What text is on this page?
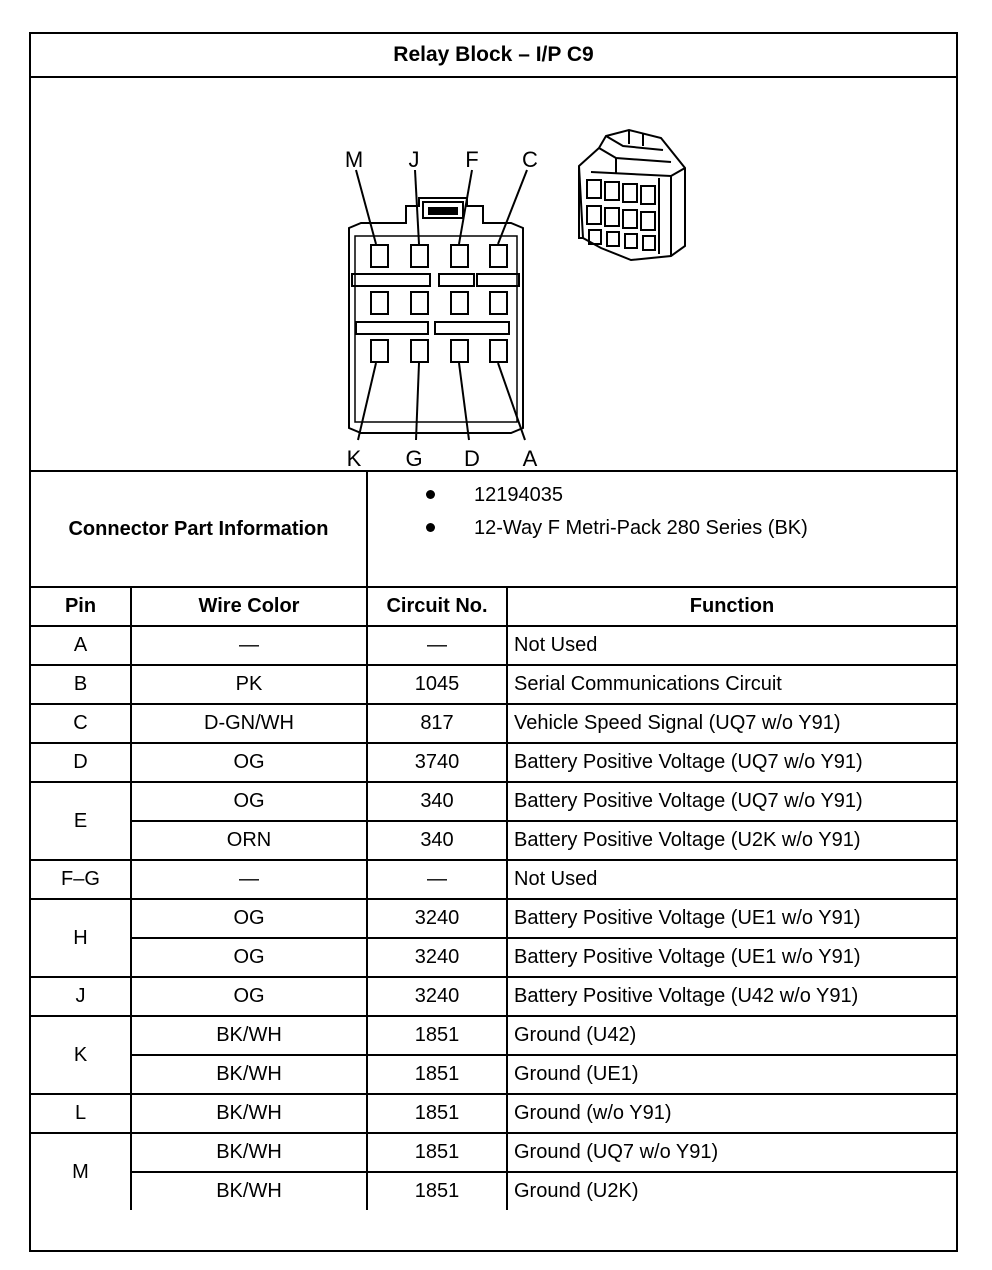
Relay Block – I/P C9
M J F C
K G D A
Connector Part Information
12194035
12-Way F Metri-Pack 280 Series (BK)
Pin	Wire Color	Circuit No.	Function
A	—	—	Not Used
B	PK	1045	Serial Communications Circuit
C	D-GN/WH	817	Vehicle Speed Signal (UQ7 w/o Y91)
D	OG	3740	Battery Positive Voltage (UQ7 w/o Y91)
E	OG	340	Battery Positive Voltage (UQ7 w/o Y91)
	ORN	340	Battery Positive Voltage (U2K w/o Y91)
F–G	—	—	Not Used
H	OG	3240	Battery Positive Voltage (UE1 w/o Y91)
	OG	3240	Battery Positive Voltage (UE1 w/o Y91)
J	OG	3240	Battery Positive Voltage (U42 w/o Y91)
K	BK/WH	1851	Ground (U42)
	BK/WH	1851	Ground (UE1)
L	BK/WH	1851	Ground (w/o Y91)
M	BK/WH	1851	Ground (UQ7 w/o Y91)
	BK/WH	1851	Ground (U2K)
